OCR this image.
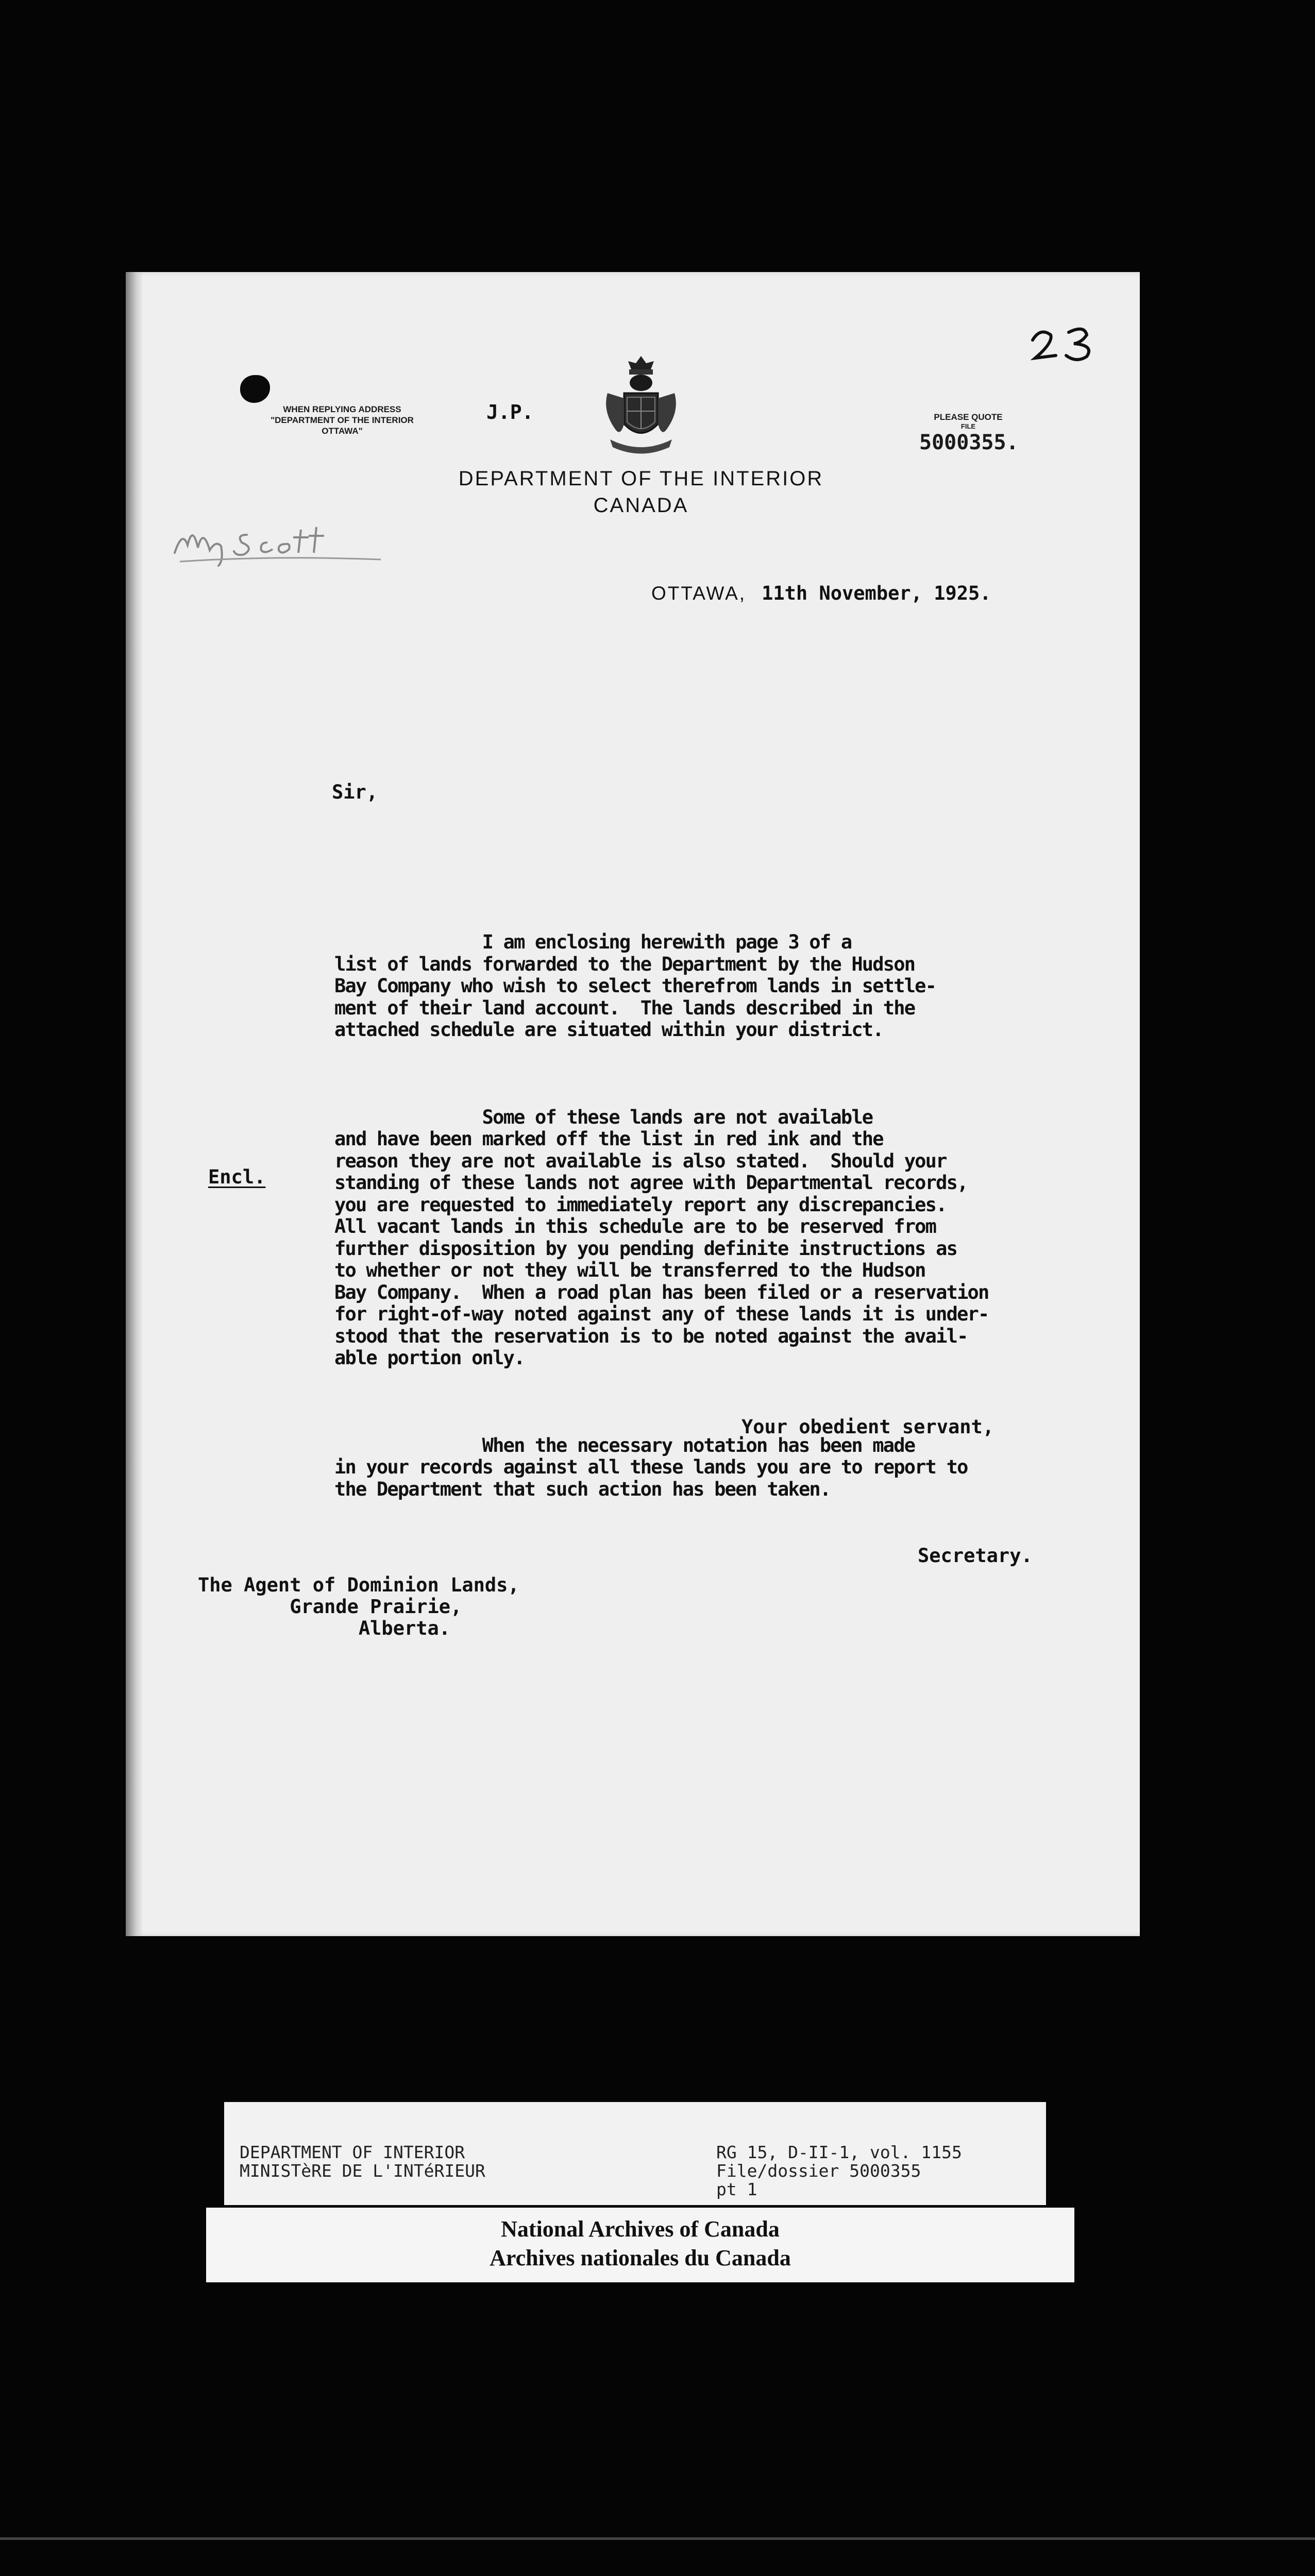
WHEN REPLYING ADDRESS
"DEPARTMENT OF THE INTERIOR
OTTAWA"
J.P.	PLEASE QUOTE
FILE
5000355.
DEPARTMENT OF THE INTERIOR
CANADA
OTTAWA, 11th November, 1925.
Sir,

I am enclosing herewith page 3 of a
list of lands forwarded to the Department by the Hudson
Bay Company who wish to select therefrom lands in settle-
ment of their land account.  The lands described in the
attached schedule are situated within your district.

Some of these lands are not available
and have been marked off the list in red ink and the
reason they are not available is also stated.  Should your
standing of these lands not agree with Departmental records,
you are requested to immediately report any discrepancies.
All vacant lands in this schedule are to be reserved from
further disposition by you pending definite instructions as
to whether or not they will be transferred to the Hudson
Bay Company.  When a road plan has been filed or a reservation
for right-of-way noted against any of these lands it is under-
stood that the reservation is to be noted against the avail-
able portion only.

When the necessary notation has been made
in your records against all these lands you are to report to
the Department that such action has been taken.

Encl.
Your obedient servant,
Secretary.
The Agent of Dominion Lands,
Grande Prairie,
Alberta.
DEPARTMENT OF INTERIOR
MINISTèRE DE L'INTéRIEUR
RG 15, D-II-1, vol. 1155
File/dossier 5000355
pt 1
National Archives of Canada
Archives nationales du Canada
